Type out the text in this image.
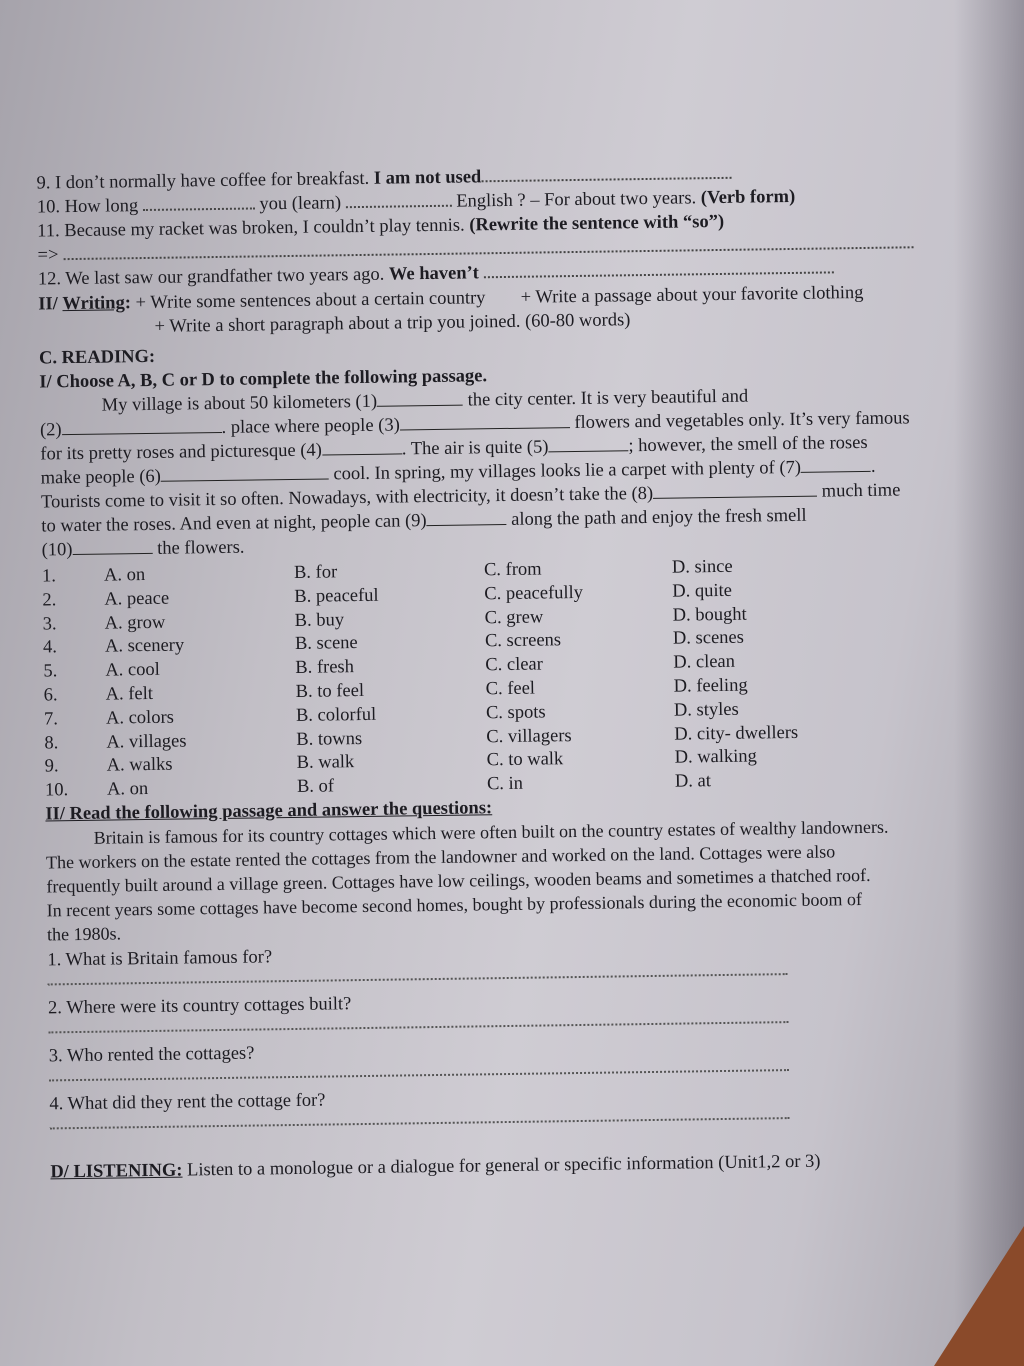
9. I don’t normally have coffee for breakfast. I am not used
10. How long	you (learn)	English ? – For about two years. (Verb form)
11. Because my racket was broken, I couldn’t play tennis. (Rewrite the sentence with “so”)
=>
12. We last saw our grandfather two years ago. We haven’t
II/ Writing: + Write some sentences about a certain country + Write a passage about your favorite clothing
+ Write a short paragraph about a trip you joined. (60-80 words)
C. READING:
I/ Choose A, B, C or D to complete the following passage.
My village is about 50 kilometers (1)	the city center. It is very beautiful and
(2)	. place where people (3)	flowers and vegetables only. It’s very famous
for its pretty roses and picturesque (4)	. The air is quite (5)	; however, the smell of the roses
make people (6)	cool. In spring, my villages looks lie a carpet with plenty of (7)	.
Tourists come to visit it so often. Nowadays, with electricity, it doesn’t take the (8)	much time
to water the roses. And even at night, people can (9)	along the path and enjoy the fresh smell
(10)	the flowers.
1.	A. on	B. for	C. from	D. since
2.	A. peace	B. peaceful	C. peacefully	D. quite
3.	A. grow	B. buy	C. grew	D. bought
4.	A. scenery	B. scene	C. screens	D. scenes
5.	A. cool	B. fresh	C. clear	D. clean
6.	A. felt	B. to feel	C. feel	D. feeling
7.	A. colors	B. colorful	C. spots	D. styles
8.	A. villages	B. towns	C. villagers	D. city- dwellers
9.	A. walks	B. walk	C. to walk	D. walking
10. A. on	B. of	C. in	D. at
II/ Read the following passage and answer the questions:
Britain is famous for its country cottages which were often built on the country estates of wealthy landowners.
The workers on the estate rented the cottages from the landowner and worked on the land. Cottages were also
frequently built around a village green. Cottages have low ceilings, wooden beams and sometimes a thatched roof.
In recent years some cottages have become second homes, bought by professionals during the economic boom of
the 1980s.
1. What is Britain famous for?
2. Where were its country cottages built?
3. Who rented the cottages?
4. What did they rent the cottage for?
D/ LISTENING: Listen to a monologue or a dialogue for general or specific information (Unit1,2 or 3)
